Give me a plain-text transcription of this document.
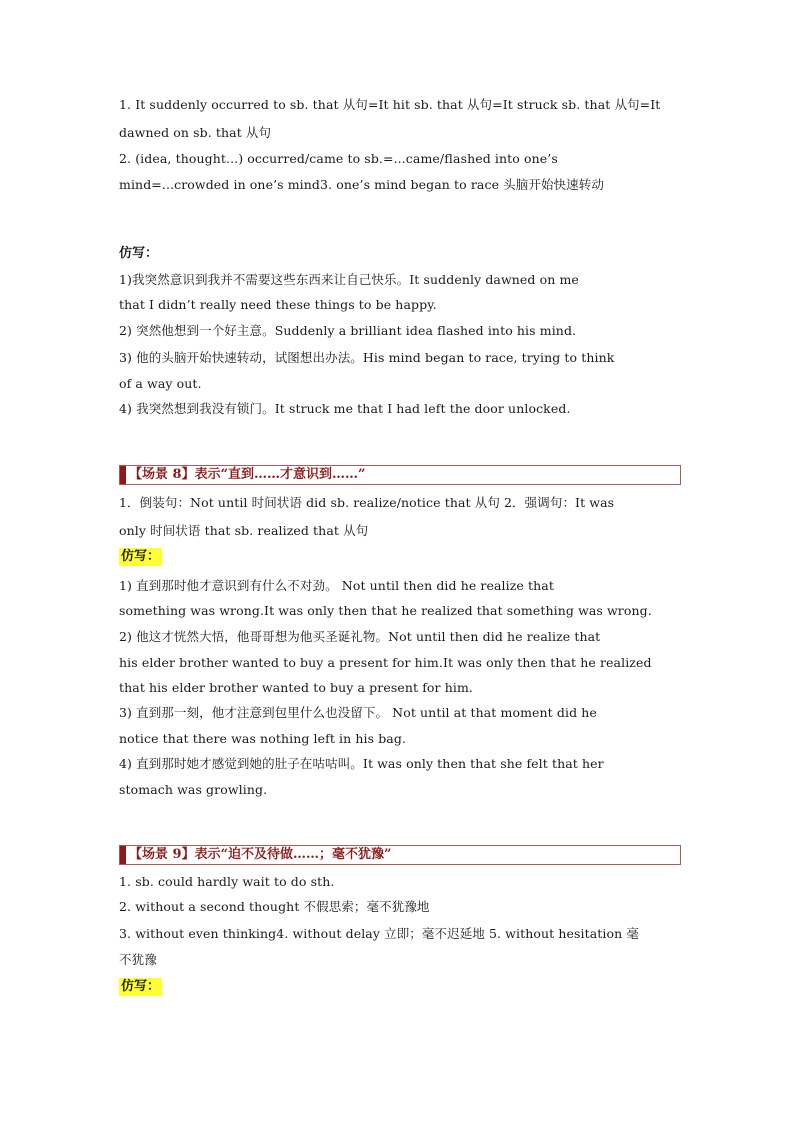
1. It suddenly occurred to sb. that 从句=It hit sb. that 从句=It struck sb. that 从句=It
dawned on sb. that 从句
2. (idea, thought...) occurred/came to sb.=...came/flashed into one’s
mind=...crowded in one’s mind3. one’s mind began to race 头脑开始快速转动
仿写：
1)我突然意识到我并不需要这些东西来让自己快乐。It suddenly dawned on me
that I didn’t really need these things to be happy.
2) 突然他想到一个好主意。Suddenly a brilliant idea flashed into his mind.
3) 他的头脑开始快速转动，试图想出办法。His mind began to race, trying to think
of a way out.
4) 我突然想到我没有锁门。It struck me that I had left the door unlocked.
【场景 8】表示“直到……才意识到……”
1．倒装句：Not until 时间状语 did sb. realize/notice that 从句 2．强调句：It was
only 时间状语 that sb. realized that 从句
仿写：
1) 直到那时他才意识到有什么不对劲。 Not until then did he realize that
something was wrong.It was only then that he realized that something was wrong.
2) 他这才恍然大悟，他哥哥想为他买圣诞礼物。Not until then did he realize that
his elder brother wanted to buy a present for him.It was only then that he realized
that his elder brother wanted to buy a present for him.
3) 直到那一刻，他才注意到包里什么也没留下。 Not until at that moment did he
notice that there was nothing left in his bag.
4) 直到那时她才感觉到她的肚子在咕咕叫。It was only then that she felt that her
stomach was growling.
【场景 9】表示“迫不及待做……；毫不犹豫”
1. sb. could hardly wait to do sth.
2. without a second thought 不假思索；毫不犹豫地
3. without even thinking4. without delay 立即；毫不迟延地 5. without hesitation 毫
不犹豫
仿写：
